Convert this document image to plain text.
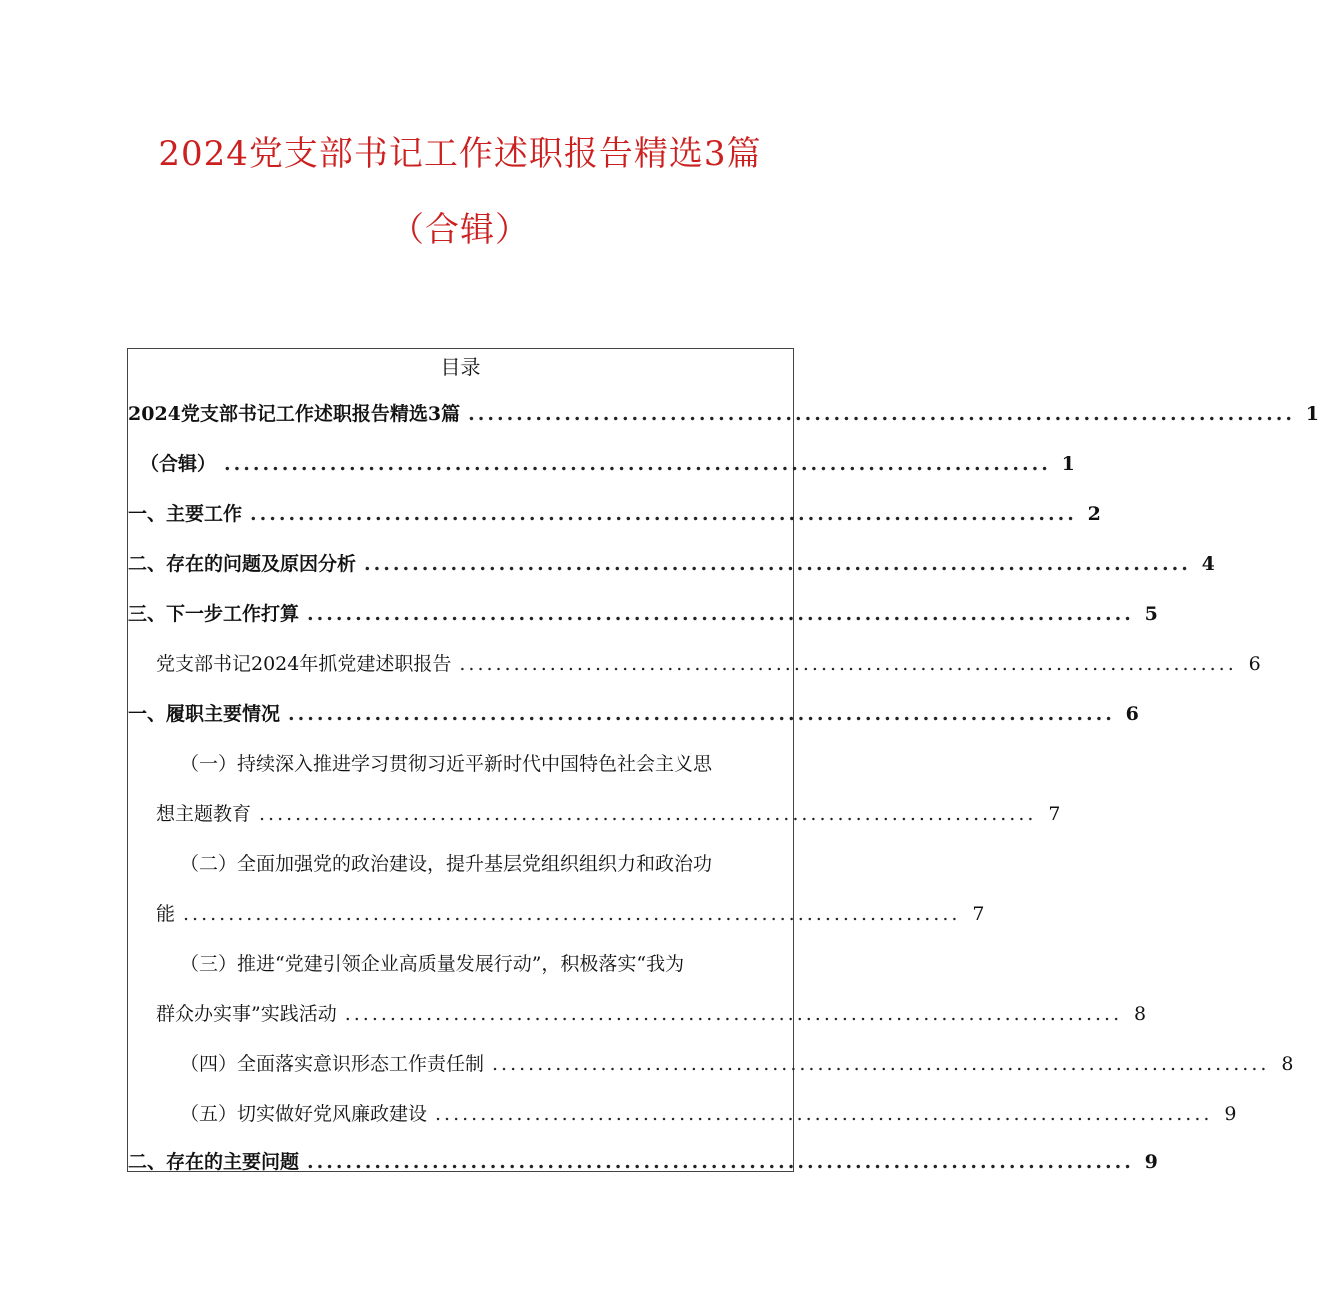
2024党支部书记工作述职报告精选3篇
（合辑）
目录
2024党支部书记工作述职报告精选3篇 ...................................................................................... 1
（合辑） ...................................................................................... 1
一、主要工作 ...................................................................................... 2
二、存在的问题及原因分析 ...................................................................................... 4
三、下一步工作打算 ...................................................................................... 5
党支部书记2024年抓党建述职报告 ...................................................................................... 6
一、履职主要情况 ...................................................................................... 6
（一）持续深入推进学习贯彻习近平新时代中国特色社会主义思
想主题教育 ...................................................................................... 7
（二）全面加强党的政治建设，提升基层党组织组织力和政治功
能 ...................................................................................... 7
（三）推进“党建引领企业高质量发展行动”，积极落实“我为
群众办实事”实践活动 ...................................................................................... 8
（四）全面落实意识形态工作责任制 ...................................................................................... 8
（五）切实做好党风廉政建设 ...................................................................................... 9
二、存在的主要问题 ...................................................................................... 9
